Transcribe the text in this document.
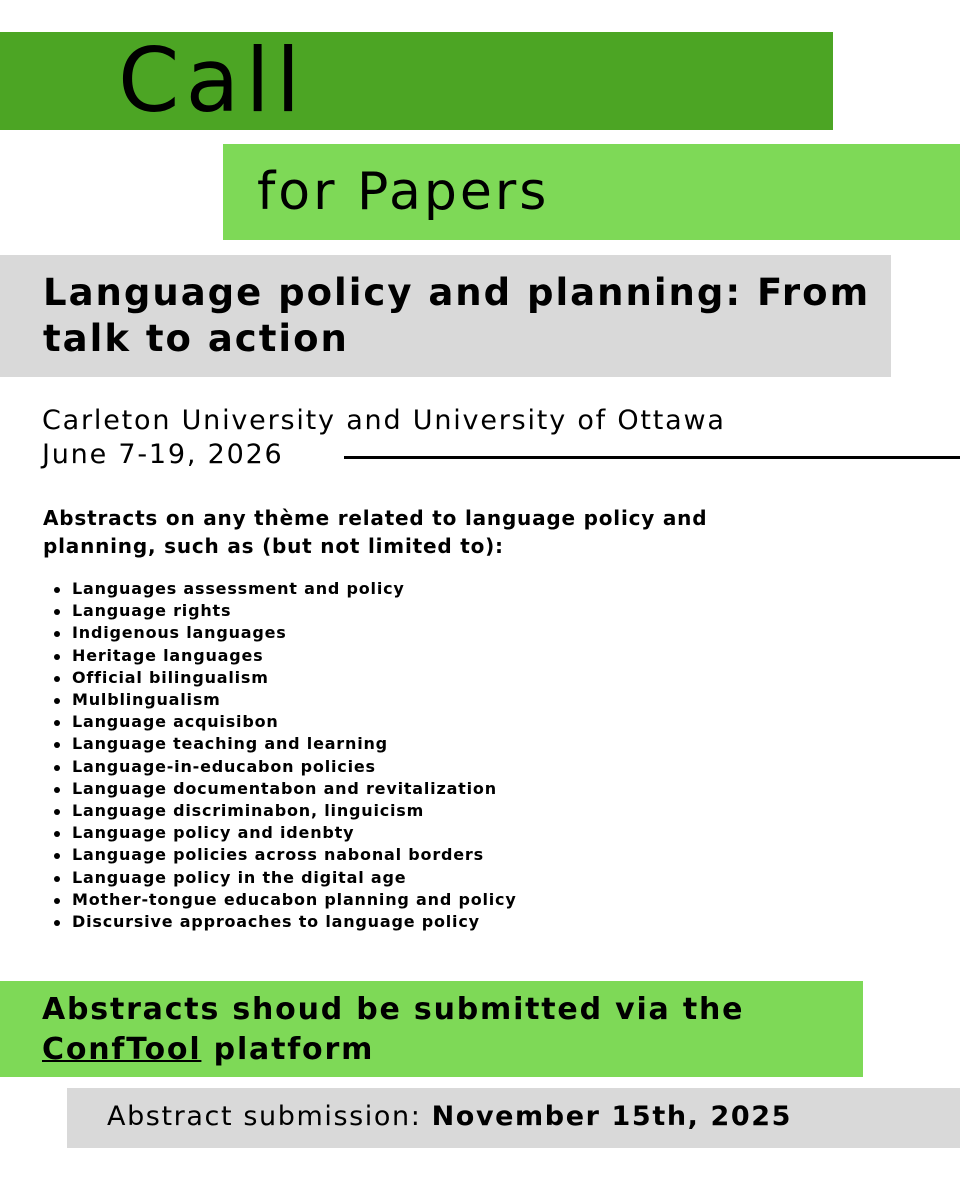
Call
for Papers
Language policy and planning: From talk to action
Carleton University and University of Ottawa
June 7-19, 2026
Abstracts on any thème related to language policy and planning, such as (but not limited to):
Languages assessment and policy
Language rights
Indigenous languages
Heritage languages
Official bilingualism
Mulblingualism
Language acquisibon
Language teaching and learning
Language-in-educabon policies
Language documentabon and revitalization
Language discriminabon, linguicism
Language policy and idenbty
Language policies across nabonal borders
Language policy in the digital age
Mother-tongue educabon planning and policy
Discursive approaches to language policy
Abstracts shoud be submitted via the
ConfTool platform
Abstract submission: November 15th, 2025
